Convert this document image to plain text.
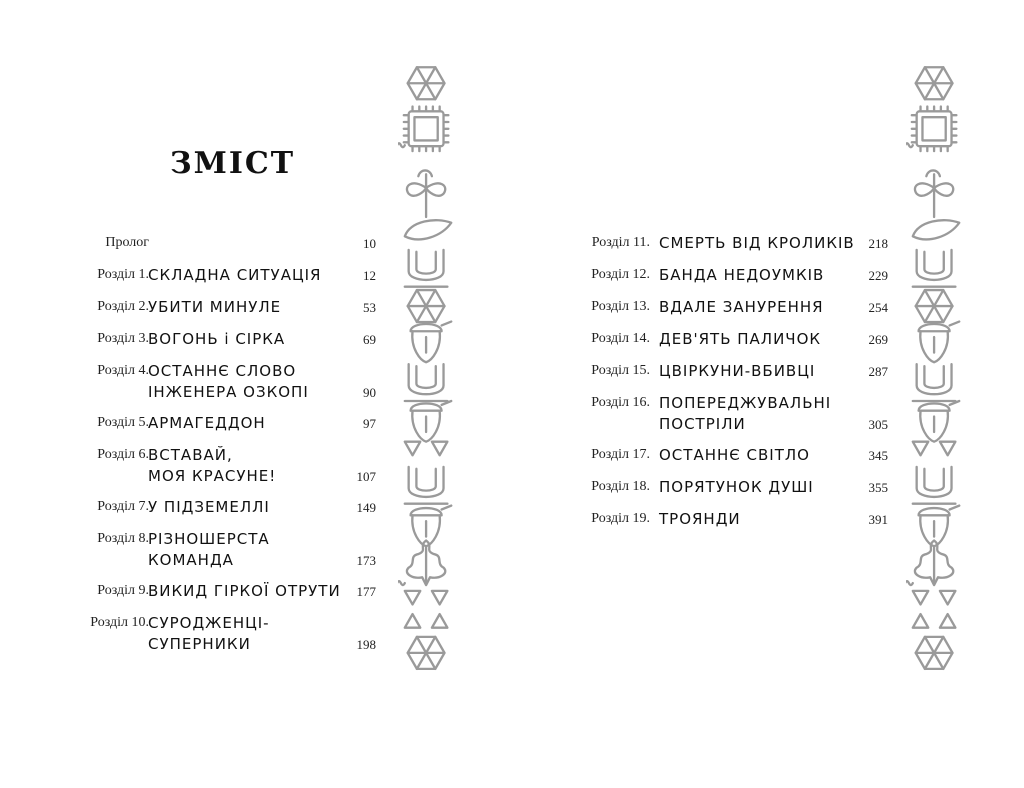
ЗМІСТ
Пролог	10
Розділ 1. СКЛАДНА СИТУАЦІЯ	12
Розділ 2. УБИТИ МИНУЛЕ	53
Розділ 3. ВОГОНЬ і СІРКА	69
Розділ 4. ОСТАННЄ СЛОВО
ІНЖЕНЕРА ОЗКОПІ	90
Розділ 5. АРМАГЕДДОН	97
Розділ 6. ВСТАВАЙ,
МОЯ КРАСУНЕ!	107
Розділ 7. У ПІДЗЕМЕЛЛІ	149
Розділ 8. РІЗНОШЕРСТА
КОМАНДА	173
Розділ 9. ВИКИД ГІРКОЇ ОТРУТИ 177
Розділ 10. СУРОДЖЕНЦІ-
СУПЕРНИКИ	198
Розділ 11. СМЕРТЬ ВІД КРОЛИКІВ 218
Розділ 12. БАНДА НЕДОУМКІВ	229
Розділ 13. ВДАЛЕ ЗАНУРЕННЯ	254
Розділ 14. ДЕВ'ЯТЬ ПАЛИЧОК	269
Розділ 15. ЦВІРКУНИ-ВБИВЦІ	287
Розділ 16. ПОПЕРЕДЖУВАЛЬНІ
ПОСТРІЛИ	305
Розділ 17. ОСТАННЄ СВІТЛО	345
Розділ 18. ПОРЯТУНОК ДУШІ	355
Розділ 19. ТРОЯНДИ	391
